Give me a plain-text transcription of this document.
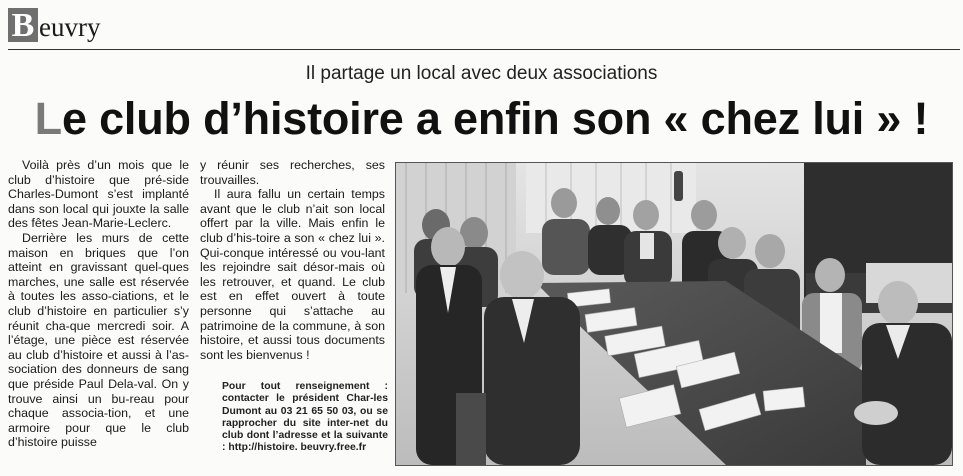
B euvry
Il partage un local avec deux associations
Le club d’histoire a enfin son « chez lui » !

Voilà près d’un mois que le club d’histoire que pré-side Charles-Dumont s’est implanté dans son local qui jouxte la salle des fêtes Jean-Marie-Leclerc.

Derrière les murs de cette maison en briques que l’on atteint en gravissant quel-ques marches, une salle est réservée à toutes les asso-ciations, et le club d’histoire en particulier s’y réunit cha-que mercredi soir. A l’étage, une pièce est réservée au club d’histoire et aussi à l’as-sociation des donneurs de sang que préside Paul Dela-val. On y trouve ainsi un bu-reau pour chaque associa-tion, et une armoire pour que le club d’histoire puisse

y réunir ses recherches, ses trouvailles.

Il aura fallu un certain temps avant que le club n’ait son local offert par la ville. Mais enfin le club d’his-toire a son « chez lui ». Qui-conque intéressé ou vou-lant les rejoindre sait désor-mais où les retrouver, et quand. Le club est en effet ouvert à toute personne qui s’attache au patrimoine de la commune, à son histoire, et aussi tous documents sont les bienvenus !

Pour tout renseignement : contacter le président Char-les Dumont au 03 21 65 50 03, ou se rapprocher du site inter-net du club dont l’adresse et la suivante : http://histoire. beuvry.free.fr
